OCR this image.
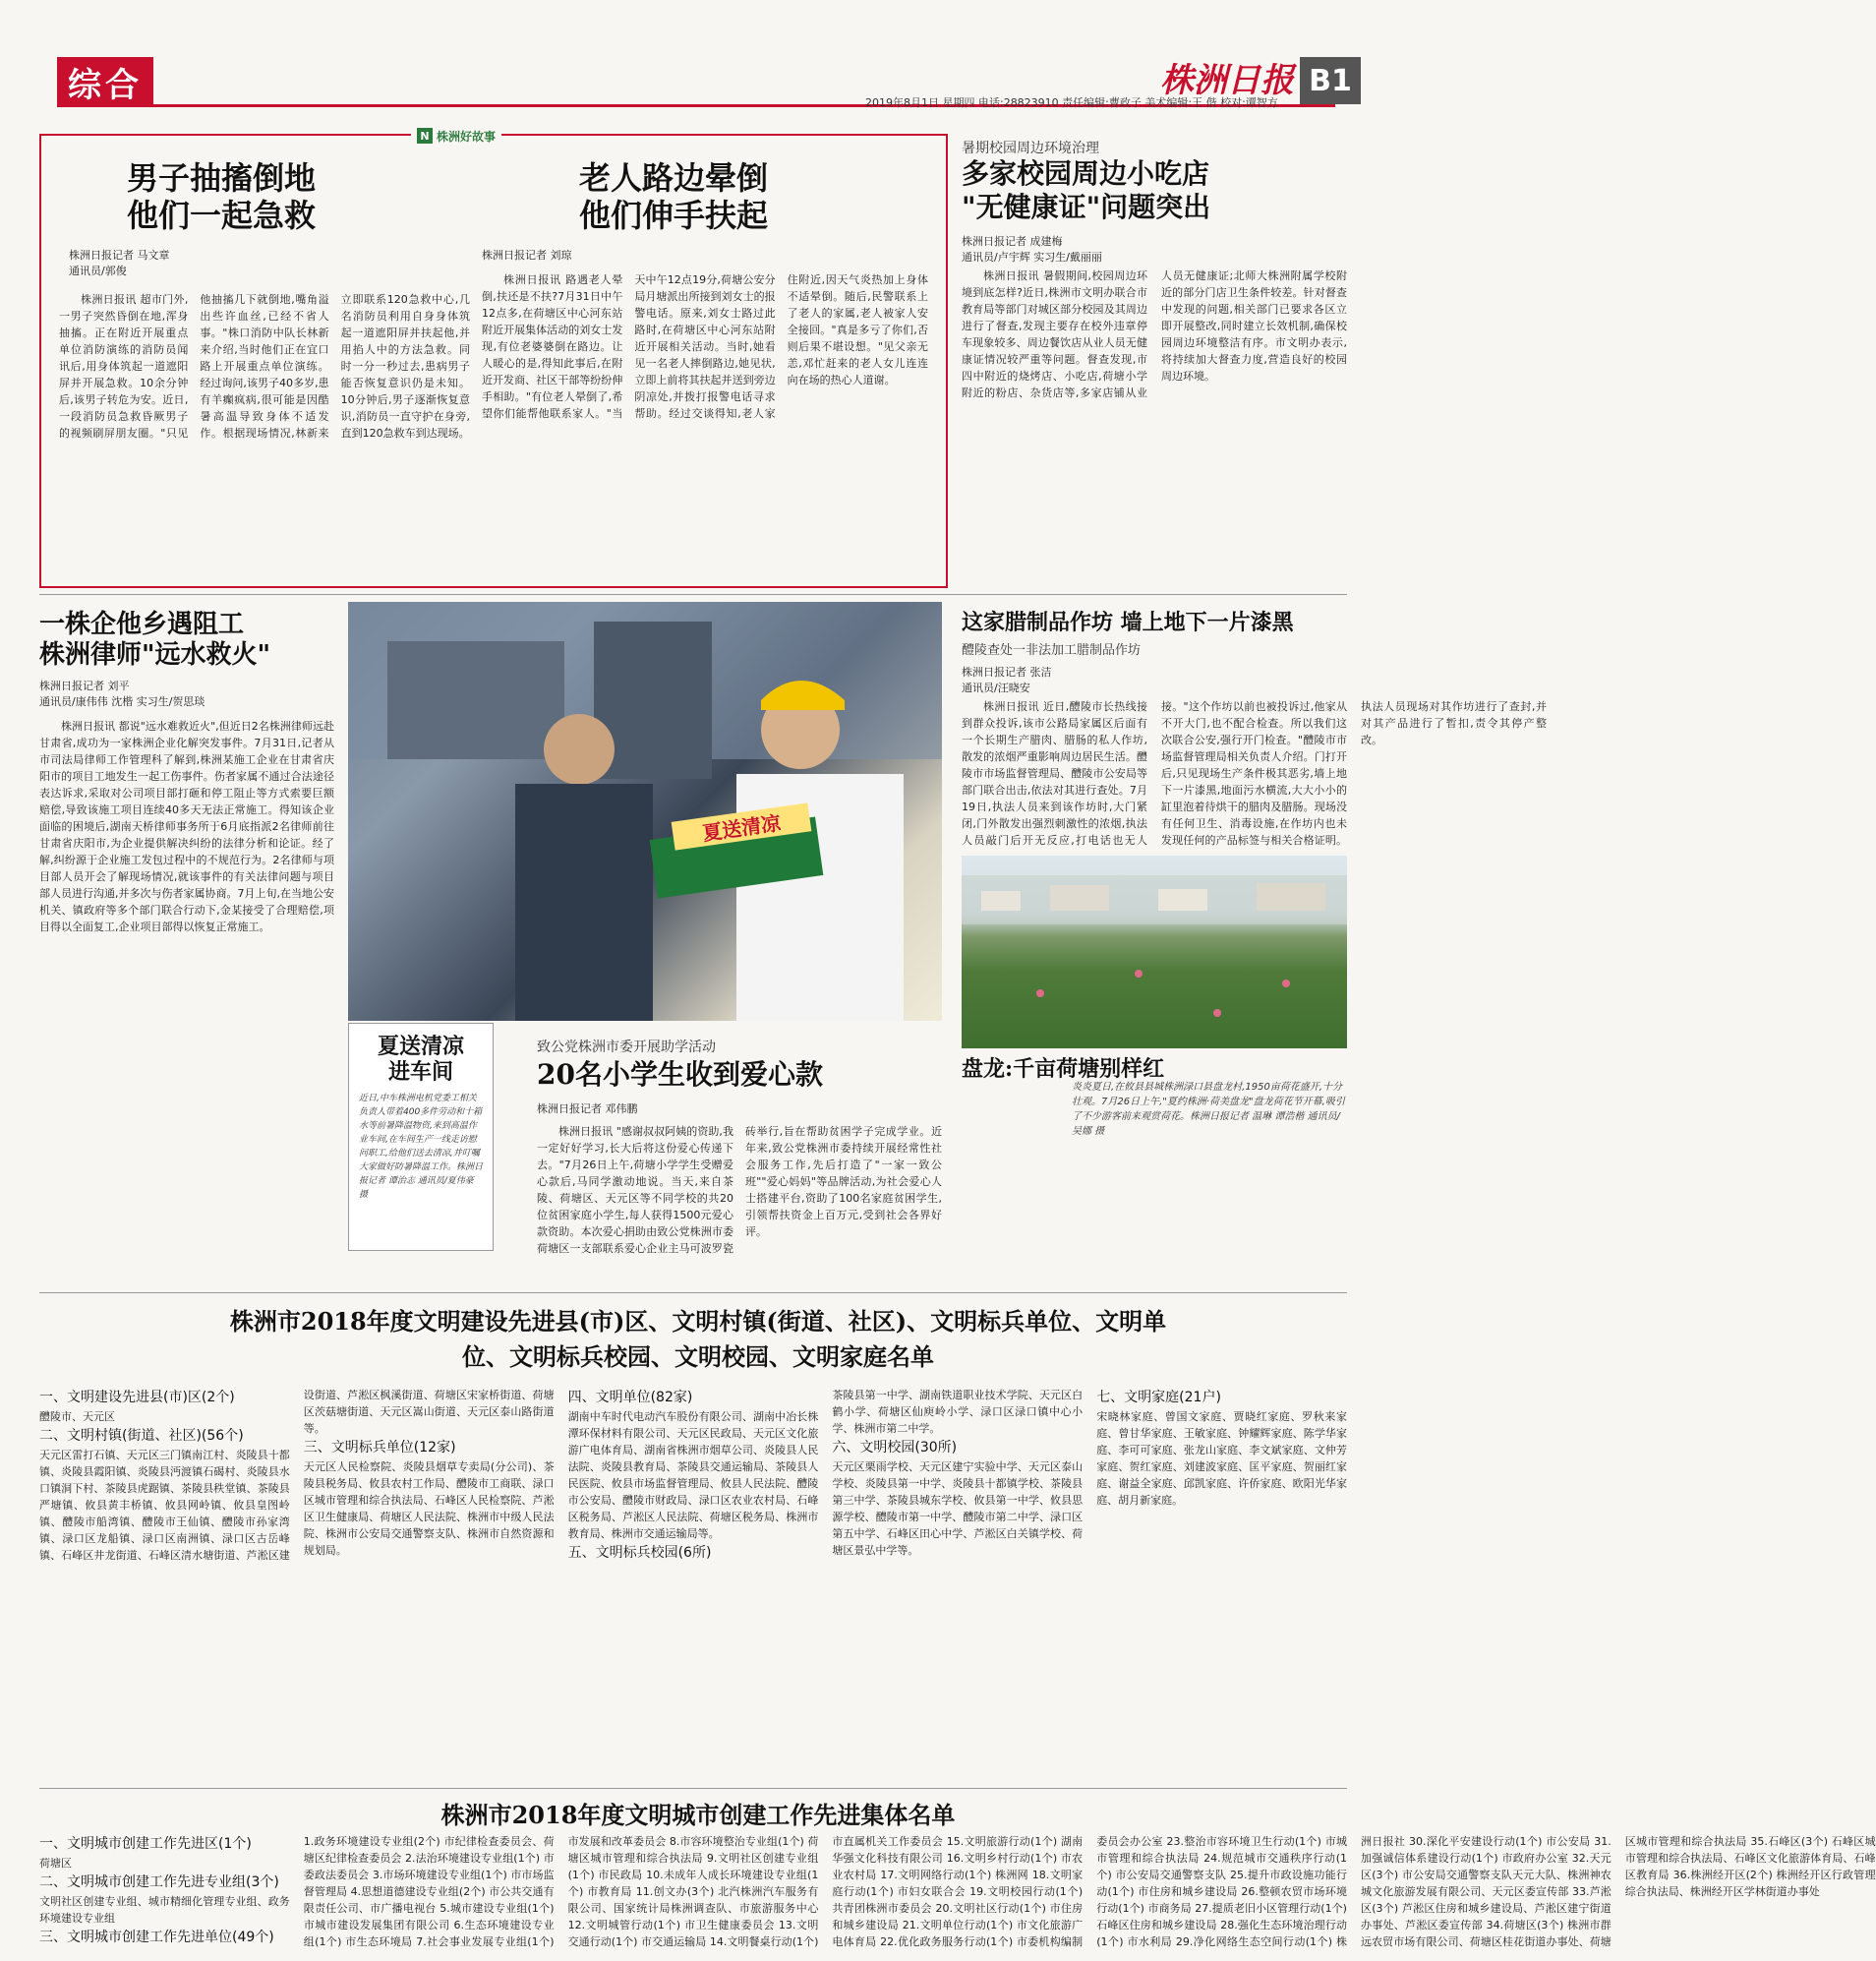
综合	株洲日报 B1
2019年8月1日 星期四 电话:28823910 责任编辑:曹政子 美术编辑:王 偕 校对:谭智方
N 株洲好故事
男子抽搐倒地
他们一起急救
株洲日报记者 马文章
通讯员/郭俊

株洲日报讯 超市门外,一男子突然昏倒在地,浑身抽搐。正在附近开展重点单位消防演练的消防员闻讯后,用身体筑起一道遮阳屏并开展急救。10余分钟后,该男子转危为安。近日,一段消防员急救昏厥男子的视频刷屏朋友圈。"只见他抽搐几下就倒地,嘴角溢出些许血丝,已经不省人事。"株口消防中队长林新来介绍,当时他们正在宜口路上开展重点单位演练。经过询问,该男子40多岁,患有羊癫疯病,很可能是因酷暑高温导致身体不适发作。根据现场情况,林新来立即联系120急救中心,几名消防员利用自身身体筑起一道遮阳屏并扶起他,并用掐人中的方法急救。同时一分一秒过去,患病男子能否恢复意识仍是未知。10分钟后,男子逐渐恢复意识,消防员一直守护在身旁,直到120急救车到达现场。

老人路边晕倒
他们伸手扶起
株洲日报记者 刘琼

株洲日报讯 路遇老人晕倒,扶还是不扶?7月31日中午12点多,在荷塘区中心河东站附近开展集体活动的刘女士发现,有位老婆婆倒在路边。让人暖心的是,得知此事后,在附近开发商、社区干部等纷纷伸手相助。"有位老人晕倒了,希望你们能帮他联系家人。"当天中午12点19分,荷塘公安分局月塘派出所接到刘女士的报警电话。原来,刘女士路过此路时,在荷塘区中心河东站附近开展相关活动。当时,她看见一名老人摔倒路边,她见状,立即上前将其扶起并送到旁边阴凉处,并拨打报警电话寻求帮助。经过交谈得知,老人家住附近,因天气炎热加上身体不适晕倒。随后,民警联系上了老人的家属,老人被家人安全接回。"真是多亏了你们,否则后果不堪设想。"见父亲无恙,邓忙赶来的老人女儿连连向在场的热心人道谢。

暑期校园周边环境治理
多家校园周边小吃店
"无健康证"问题突出
株洲日报记者 成建梅
通讯员/卢宇辉 实习生/戴丽丽

株洲日报讯 暑假期间,校园周边环境到底怎样?近日,株洲市文明办联合市教育局等部门对城区部分校园及其周边进行了督查,发现主要存在校外违章停车现象较多、周边餐饮店从业人员无健康证情况较严重等问题。督查发现,市四中附近的烧烤店、小吃店,荷塘小学附近的粉店、杂货店等,多家店铺从业人员无健康证;北师大株洲附属学校附近的部分门店卫生条件较差。针对督查中发现的问题,相关部门已要求各区立即开展整改,同时建立长效机制,确保校园周边环境整洁有序。市文明办表示,将持续加大督查力度,营造良好的校园周边环境。

一株企他乡遇阻工
株洲律师"远水救火"
株洲日报记者 刘平
通讯员/康伟伟 沈楷 实习生/贺思琰

株洲日报讯 都说"远水难救近火",但近日2名株洲律师远赴甘肃省,成功为一家株洲企业化解突发事件。7月31日,记者从市司法局律师工作管理科了解到,株洲某施工企业在甘肃省庆阳市的项目工地发生一起工伤事件。伤者家属不通过合法途径表达诉求,采取对公司项目部打砸和停工阻止等方式索要巨额赔偿,导致该施工项目连续40多天无法正常施工。得知该企业面临的困境后,湖南天桥律师事务所于6月底指派2名律师前往甘肃省庆阳市,为企业提供解决纠纷的法律分析和论证。经了解,纠纷源于企业施工发包过程中的不规范行为。2名律师与项目部人员开会了解现场情况,就该事件的有关法律问题与项目部人员进行沟通,并多次与伤者家属协商。7月上旬,在当地公安机关、镇政府等多个部门联合行动下,金某接受了合理赔偿,项目得以全面复工,企业项目部得以恢复正常施工。

夏送清凉
夏送清凉
进车间
近日,中车株洲电机党委工相关负责人带着400多件劳动和十箱水等前暑降温物资,来到高温作业车间,在车间生产一线走访慰问职工,给他们送去清凉,并叮嘱大家做好防暑降温工作。株洲日报记者 谭治志 通讯员/夏伟豪 摄
致公党株洲市委开展助学活动
20名小学生收到爱心款
株洲日报记者 邓伟鹏

株洲日报讯 "感谢叔叔阿姨的资助,我一定好好学习,长大后将这份爱心传递下去。"7月26日上午,荷塘小学学生受赠爱心款后,马同学激动地说。当天,来自茶陵、荷塘区、天元区等不同学校的共20位贫困家庭小学生,每人获得1500元爱心款资助。本次爱心捐助由致公党株洲市委荷塘区一支部联系爱心企业主马可波罗瓷砖举行,旨在帮助贫困学子完成学业。近年来,致公党株洲市委持续开展经常性社会服务工作,先后打造了"一家一致公班""爱心妈妈"等品牌活动,为社会爱心人士搭建平台,资助了100名家庭贫困学生,引领帮扶资金上百万元,受到社会各界好评。

这家腊制品作坊 墙上地下一片漆黑
醴陵查处一非法加工腊制品作坊
株洲日报记者 张洁
通讯员/汪晓安

株洲日报讯 近日,醴陵市长热线接到群众投诉,该市公路局家属区后面有一个长期生产腊肉、腊肠的私人作坊,散发的浓烟严重影响周边居民生活。醴陵市市场监督管理局、醴陵市公安局等部门联合出击,依法对其进行查处。7月19日,执法人员来到该作坊时,大门紧闭,门外散发出强烈刺激性的浓烟,执法人员敲门后开无反应,打电话也无人接。"这个作坊以前也被投诉过,他家从不开大门,也不配合检查。所以我们这次联合公安,强行开门检查。"醴陵市市场监督管理局相关负责人介绍。门打开后,只见现场生产条件极其恶劣,墙上地下一片漆黑,地面污水横流,大大小小的缸里泡着待烘干的腊肉及腊肠。现场没有任何卫生、消毒设施,在作坊内也未发现任何的产品标签与相关合格证明。执法人员现场对其作坊进行了查封,并对其产品进行了暂扣,责令其停产整改。

盘龙:千亩荷塘别样红
炎炎夏日,在攸县县城株洲渌口县盘龙村,1950亩荷花盛开,十分壮观。7月26日上午,"夏约株洲·荷美盘龙"盘龙荷花节开幕,吸引了不少游客前来观赏荷花。株洲日报记者 温琳 谭浩楷 通讯员/吴娜 摄
株洲市2018年度文明建设先进县(市)区、文明村镇(街道、社区)、文明标兵单位、文明单位、文明标兵校园、文明校园、文明家庭名单
一、文明建设先进县(市)区(2个)
醴陵市、天元区
二、文明村镇(街道、社区)(56个)
天元区雷打石镇、天元区三门镇南江村、炎陵县十都镇、炎陵县霞阳镇、炎陵县沔渡镇石碣村、炎陵县水口镇洞下村、茶陵县虎踞镇、茶陵县秩堂镇、茶陵县严塘镇、攸县黄丰桥镇、攸县网岭镇、攸县皇图岭镇、醴陵市船湾镇、醴陵市王仙镇、醴陵市孙家湾镇、渌口区龙船镇、渌口区南洲镇、渌口区古岳峰镇、石峰区井龙街道、石峰区清水塘街道、芦淞区建设街道、芦淞区枫溪街道、荷塘区宋家桥街道、荷塘区茨菇塘街道、天元区嵩山街道、天元区泰山路街道等。
三、文明标兵单位(12家)
天元区人民检察院、炎陵县烟草专卖局(分公司)、茶陵县税务局、攸县农村工作局、醴陵市工商联、渌口区城市管理和综合执法局、石峰区人民检察院、芦淞区卫生健康局、荷塘区人民法院、株洲市中级人民法院、株洲市公安局交通警察支队、株洲市自然资源和规划局。
四、文明单位(82家)
湖南中车时代电动汽车股份有限公司、湖南中冶长株潭环保材料有限公司、天元区民政局、天元区文化旅游广电体育局、湖南省株洲市烟草公司、炎陵县人民法院、炎陵县教育局、茶陵县交通运输局、茶陵县人民医院、攸县市场监督管理局、攸县人民法院、醴陵市公安局、醴陵市财政局、渌口区农业农村局、石峰区税务局、芦淞区人民法院、荷塘区税务局、株洲市教育局、株洲市交通运输局等。
五、文明标兵校园(6所)
茶陵县第一中学、湖南铁道职业技术学院、天元区白鹤小学、荷塘区仙庾岭小学、渌口区渌口镇中心小学、株洲市第二中学。
六、文明校园(30所)
天元区栗雨学校、天元区建宁实验中学、天元区泰山学校、炎陵县第一中学、炎陵县十都镇学校、茶陵县第三中学、茶陵县城东学校、攸县第一中学、攸县思源学校、醴陵市第一中学、醴陵市第二中学、渌口区第五中学、石峰区田心中学、芦淞区白关镇学校、荷塘区景弘中学等。
七、文明家庭(21户)
宋晓林家庭、曾国文家庭、贾晓红家庭、罗秋来家庭、曾甘华家庭、王敏家庭、钟耀辉家庭、陈学华家庭、李可可家庭、张龙山家庭、李文斌家庭、文仲芳家庭、贺红家庭、刘建波家庭、匡平家庭、贺丽红家庭、谢益全家庭、邱凯家庭、许侨家庭、欧阳光华家庭、胡月新家庭。
株洲市2018年度文明城市创建工作先进集体名单
一、文明城市创建工作先进区(1个)
荷塘区
二、文明城市创建工作先进专业组(3个)
文明社区创建专业组、城市精细化管理专业组、政务环境建设专业组
三、文明城市创建工作先进单位(49个)
1.政务环境建设专业组(2个) 市纪律检查委员会、荷塘区纪律检查委员会 2.法治环境建设专业组(1个) 市委政法委员会 3.市场环境建设专业组(1个) 市市场监督管理局 4.思想道德建设专业组(2个) 市公共交通有限责任公司、市广播电视台 5.城市建设专业组(1个) 市城市建设发展集团有限公司 6.生态环境建设专业组(1个) 市生态环境局 7.社会事业发展专业组(1个) 市发展和改革委员会 8.市容环境整治专业组(1个) 荷塘区城市管理和综合执法局 9.文明社区创建专业组(1个) 市民政局 10.未成年人成长环境建设专业组(1个) 市教育局 11.创文办(3个) 北汽株洲汽车服务有限公司、国家统计局株洲调查队、市旅游服务中心 12.文明城管行动(1个) 市卫生健康委员会 13.文明交通行动(1个) 市交通运输局 14.文明餐桌行动(1个) 市直属机关工作委员会 15.文明旅游行动(1个) 湖南华强文化科技有限公司 16.文明乡村行动(1个) 市农业农村局 17.文明网络行动(1个) 株洲网 18.文明家庭行动(1个) 市妇女联合会 19.文明校园行动(1个) 共青团株洲市委员会 20.文明社区行动(1个) 市住房和城乡建设局 21.文明单位行动(1个) 市文化旅游广电体育局 22.优化政务服务行动(1个) 市委机构编制委员会办公室 23.整治市容环境卫生行动(1个) 市城市管理和综合执法局 24.规范城市交通秩序行动(1个) 市公安局交通警察支队 25.提升市政设施功能行动(1个) 市住房和城乡建设局 26.整顿农贸市场环境行动(1个) 市商务局 27.提质老旧小区管理行动(1个) 石峰区住房和城乡建设局 28.强化生态环境治理行动(1个) 市水利局 29.净化网络生态空间行动(1个) 株洲日报社 30.深化平安建设行动(1个) 市公安局 31.加强诚信体系建设行动(1个) 市政府办公室 32.天元区(3个) 市公安局交通警察支队天元大队、株洲神农城文化旅游发展有限公司、天元区委宣传部 33.芦淞区(3个) 芦淞区住房和城乡建设局、芦淞区建宁街道办事处、芦淞区委宣传部 34.荷塘区(3个) 株洲市群远农贸市场有限公司、荷塘区桂花街道办事处、荷塘区城市管理和综合执法局 35.石峰区(3个) 石峰区城市管理和综合执法局、石峰区文化旅游体育局、石峰区教育局 36.株洲经开区(2个) 株洲经开区行政管理综合执法局、株洲经开区学林街道办事处
